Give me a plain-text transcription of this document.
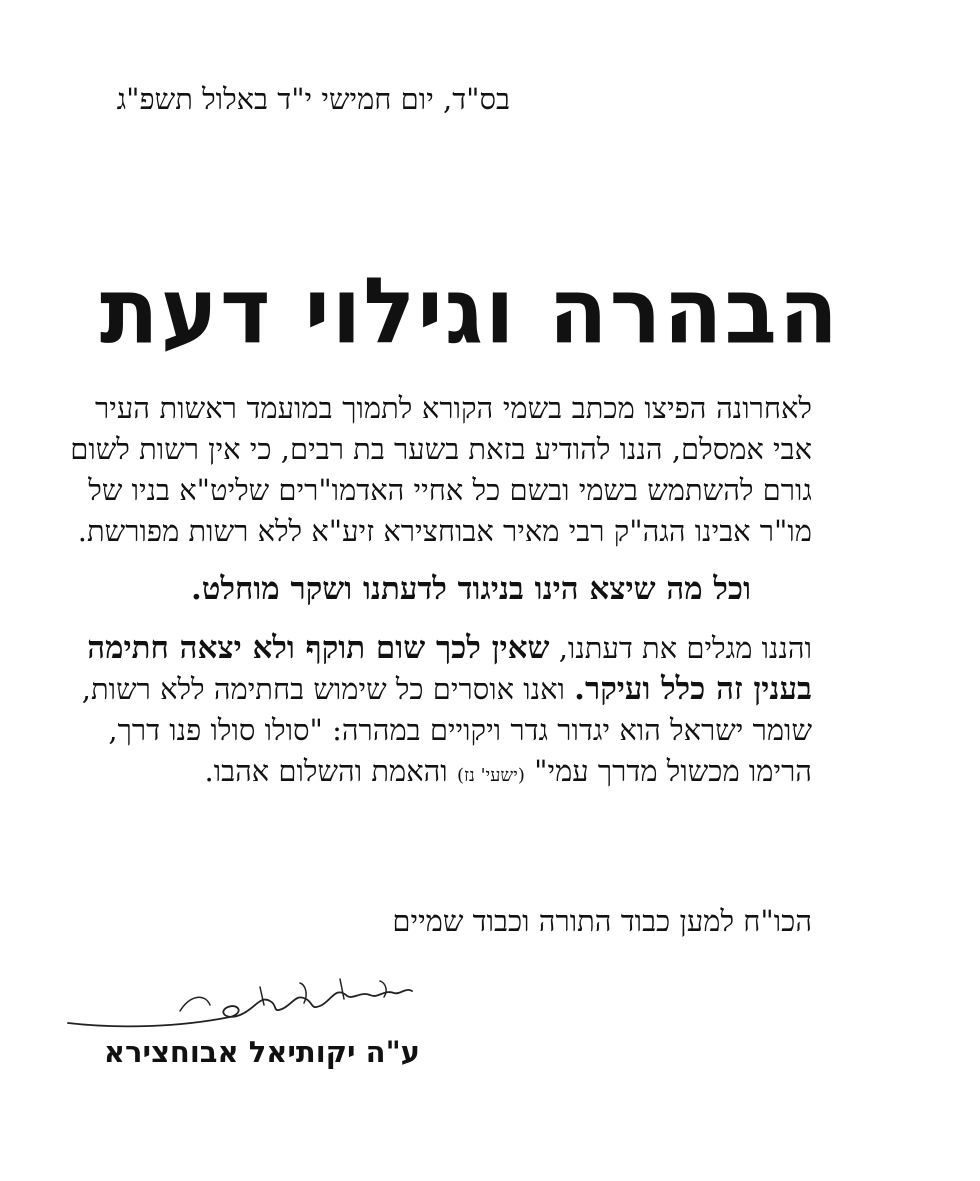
בס"ד, יום חמישי י"ד באלול תשפ"ג
הבהרה וגילוי דעת
לאחרונה הפיצו מכתב בשמי הקורא לתמוך במועמד ראשות העיר
אבי אמסלם, הננו להודיע בזאת בשער בת רבים, כי אין רשות לשום
גורם להשתמש בשמי ובשם כל אחיי האדמו"רים שליט"א בניו של
מו"ר אבינו הגה"ק רבי מאיר אבוחצירא זיע"א ללא רשות מפורשת.
וכל מה שיצא הינו בניגוד לדעתנו ושקר מוחלט.
והננו מגלים את דעתנו, שאין לכך שום תוקף ולא יצאה חתימה
בענין זה כלל ועיקר. ואנו אוסרים כל שימוש בחתימה ללא רשות,
שומר ישראל הוא יגדור גדר ויקויים במהרה: "סולו סולו פנו דרך,
הרימו מכשול מדרך עמי" (ישעי' נז) והאמת והשלום אהבו.
הכו"ח למען כבוד התורה וכבוד שמיים
ע"ה יקותיאל אבוחצירא
